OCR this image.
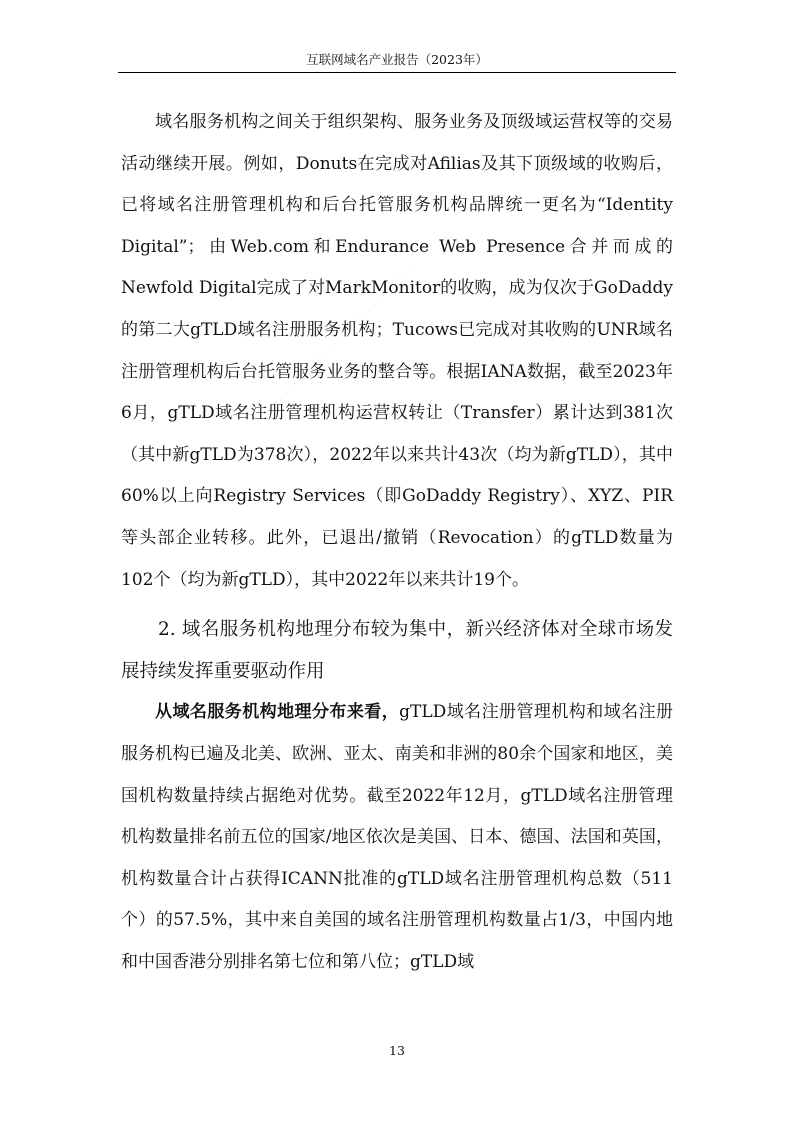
互联网域名产业报告（2023年）
· · · · · · · · · · · · · · · · · · · · · · · · · · · · · · · ·

域名服务机构之间关于组织架构、服务业务及顶级域运营权等的交易活动继续开展。例如，Donuts在完成对Afilias及其下顶级域的收购后，已将域名注册管理机构和后台托管服务机构品牌统一更名为“Identity Digital”；由Web.com和Endurance Web Presence合并而成的Newfold Digital完成了对MarkMonitor的收购，成为仅次于GoDaddy的第二大gTLD域名注册服务机构；Tucows已完成对其收购的UNR域名注册管理机构后台托管服务业务的整合等。根据IANA数据，截至2023年6月，gTLD域名注册管理机构运营权转让（Transfer）累计达到381次（其中新gTLD为378次），2022年以来共计43次（均为新gTLD），其中60%以上向Registry Services（即GoDaddy Registry）、XYZ、PIR等头部企业转移。此外，已退出/撤销（Revocation）的gTLD数量为102个（均为新gTLD），其中2022年以来共计19个。

2. 域名服务机构地理分布较为集中，新兴经济体对全球市场发展持续发挥重要驱动作用

从域名服务机构地理分布来看，gTLD域名注册管理机构和域名注册服务机构已遍及北美、欧洲、亚太、南美和非洲的80余个国家和地区，美国机构数量持续占据绝对优势。截至2022年12月，gTLD域名注册管理机构数量排名前五位的国家/地区依次是美国、日本、德国、法国和英国，机构数量合计占获得ICANN批准的gTLD域名注册管理机构总数（511个）的57.5%，其中来自美国的域名注册管理机构数量占1/3，中国内地和中国香港分别排名第七位和第八位；gTLD域

13
